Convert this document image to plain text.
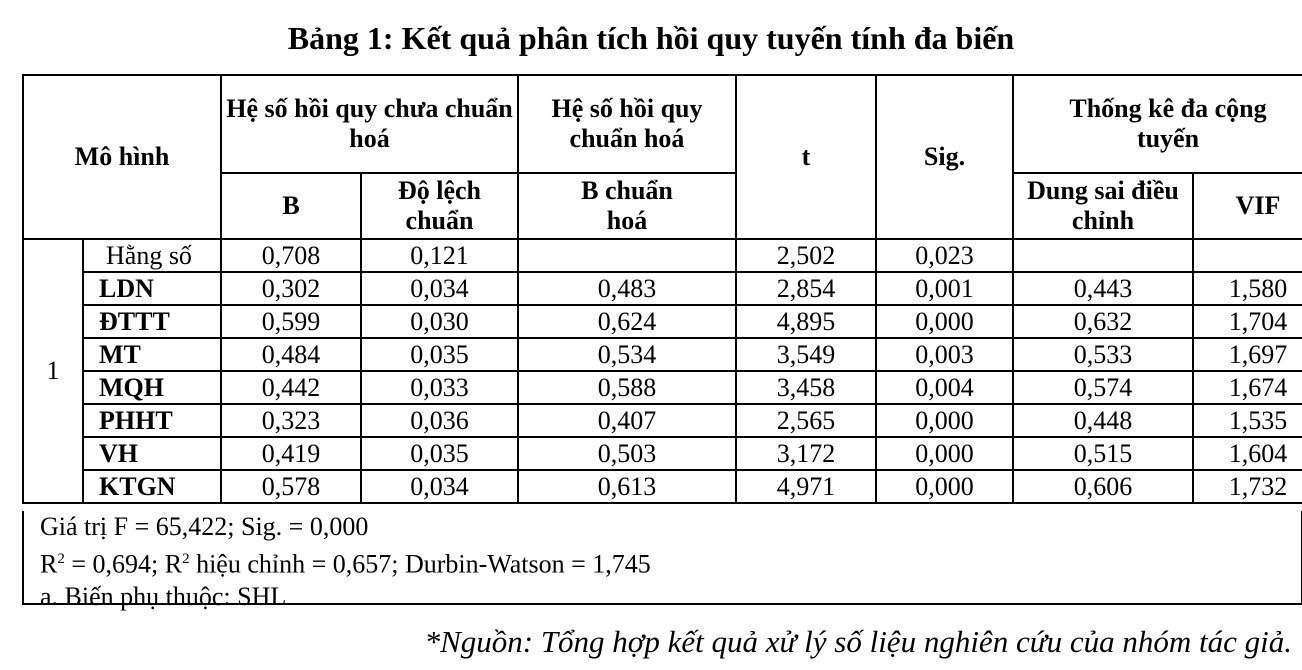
Bảng 1: Kết quả phân tích hồi quy tuyến tính đa biến
Mô hình		Hệ số hồi quy chưa chuẩn hoá		Hệ số hồi quy chuẩn hoá	t	Sig.	Thống kê đa cộng tuyến	
		B	Độ lệch chuẩn	B chuẩn hoá			Dung sai điều chỉnh	VIF
1	Hằng số	0,708	0,121		2,502	0,023		
	LDN	0,302	0,034	0,483	2,854	0,001	0,443	1,580
	ĐTTT	0,599	0,030	0,624	4,895	0,000	0,632	1,704
	MT	0,484	0,035	0,534	3,549	0,003	0,533	1,697
	MQH	0,442	0,033	0,588	3,458	0,004	0,574	1,674
	PHHT	0,323	0,036	0,407	2,565	0,000	0,448	1,535
	VH	0,419	0,035	0,503	3,172	0,000	0,515	1,604
	KTGN	0,578	0,034	0,613	4,971	0,000	0,606	1,732
Giá trị F = 65,422; Sig. = 0,000
$R^2 = 0,694$; $R^2$ hiệu chỉnh = 0,657; Durbin-Watson = 1,745
a. Biến phụ thuộc: SHL
*Nguồn: Tổng hợp kết quả xử lý số liệu nghiên cứu của nhóm tác giả.
